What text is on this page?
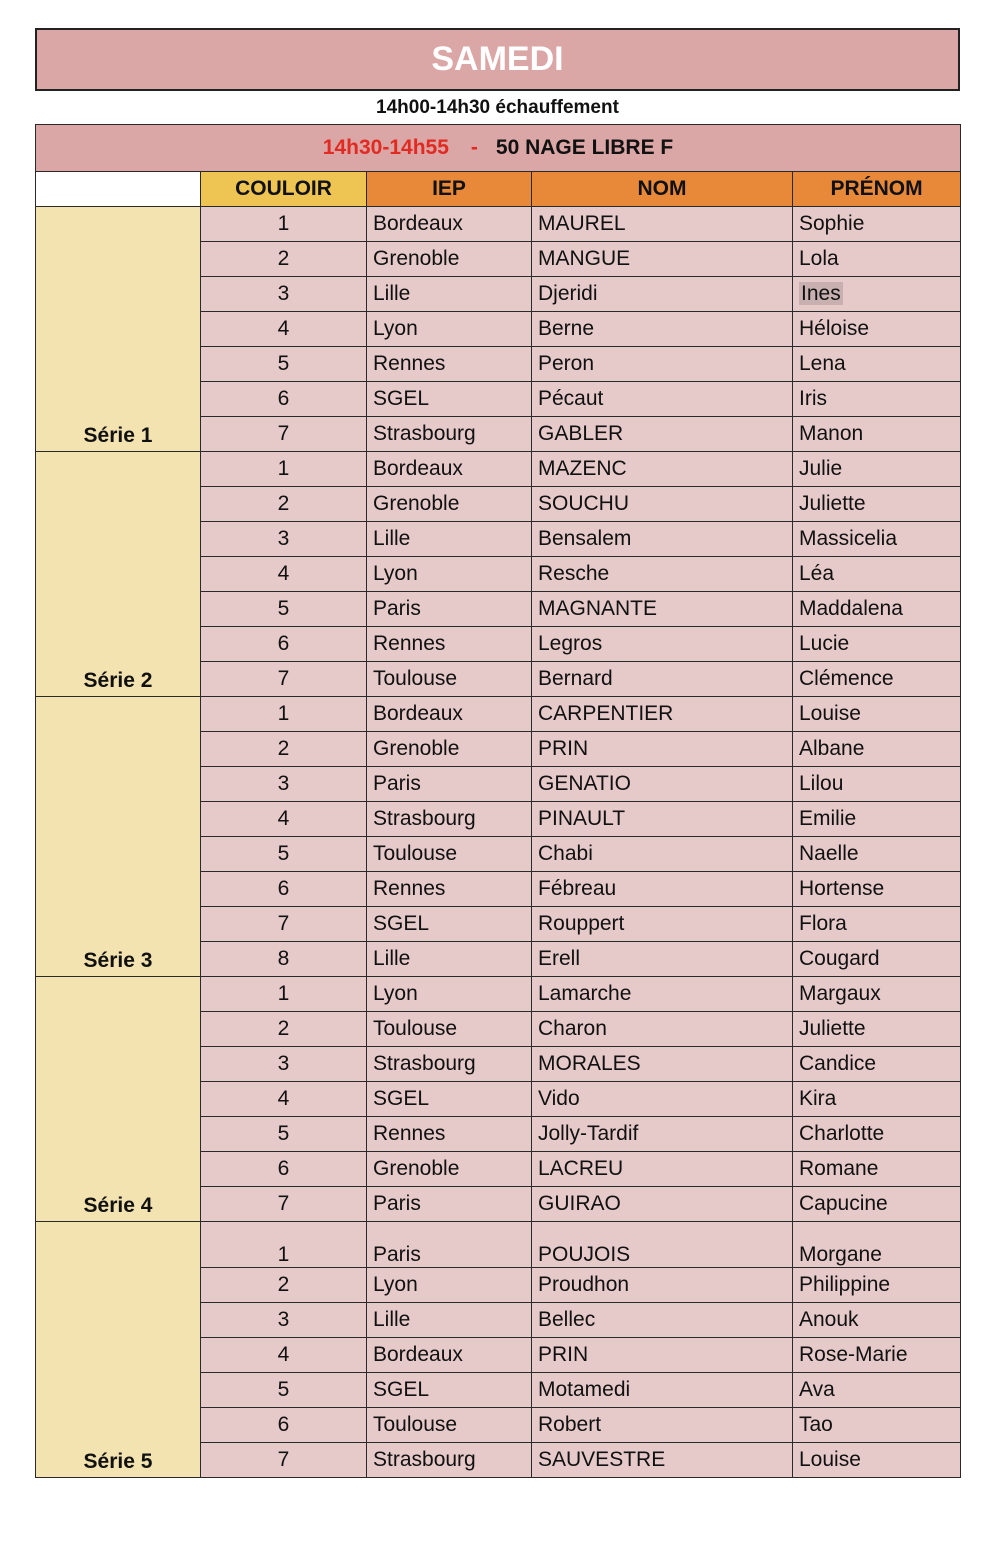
SAMEDI
14h00-14h30 échauffement
14h30-14h55 - 50 NAGE LIBRE F				
	COULOIR	IEP	NOM	PRÉNOM
Série 1	1	Bordeaux	MAUREL	Sophie
	2	Grenoble	MANGUE	Lola
	3	Lille	Djeridi	Ines
	4	Lyon	Berne	Héloise
	5	Rennes	Peron	Lena
	6	SGEL	Pécaut	Iris
	7	Strasbourg	GABLER	Manon
Série 2	1	Bordeaux	MAZENC	Julie
	2	Grenoble	SOUCHU	Juliette
	3	Lille	Bensalem	Massicelia
	4	Lyon	Resche	Léa
	5	Paris	MAGNANTE	Maddalena
	6	Rennes	Legros	Lucie
	7	Toulouse	Bernard	Clémence
Série 3	1	Bordeaux	CARPENTIER	Louise
	2	Grenoble	PRIN	Albane
	3	Paris	GENATIO	Lilou
	4	Strasbourg	PINAULT	Emilie
	5	Toulouse	Chabi	Naelle
	6	Rennes	Fébreau	Hortense
	7	SGEL	Rouppert	Flora
	8	Lille	Erell	Cougard
Série 4	1	Lyon	Lamarche	Margaux
	2	Toulouse	Charon	Juliette
	3	Strasbourg	MORALES	Candice
	4	SGEL	Vido	Kira
	5	Rennes	Jolly-Tardif	Charlotte
	6	Grenoble	LACREU	Romane
	7	Paris	GUIRAO	Capucine
Série 5	1	Paris	POUJOIS	Morgane
	2	Lyon	Proudhon	Philippine
	3	Lille	Bellec	Anouk
	4	Bordeaux	PRIN	Rose-Marie
	5	SGEL	Motamedi	Ava
	6	Toulouse	Robert	Tao
	7	Strasbourg	SAUVESTRE	Louise
